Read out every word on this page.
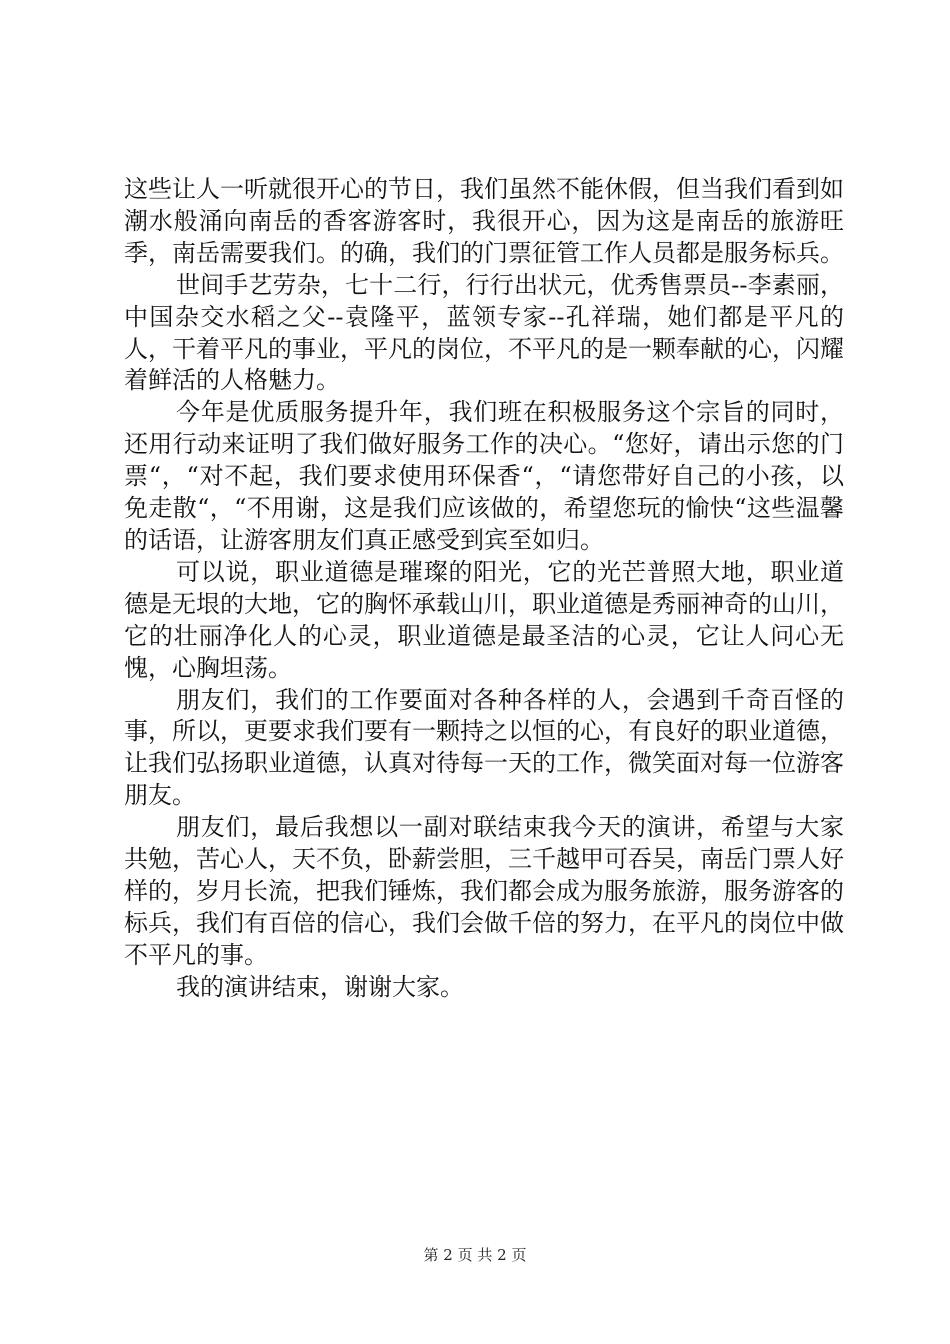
这些让人一听就很开心的节日，我们虽然不能休假，但当我们看到如潮水般涌向南岳的香客游客时，我很开心，因为这是南岳的旅游旺季，南岳需要我们。的确，我们的门票征管工作人员都是服务标兵。

世间手艺劳杂，七十二行，行行出状元，优秀售票员--李素丽，中国杂交水稻之父--袁隆平，蓝领专家--孔祥瑞，她们都是平凡的人，干着平凡的事业，平凡的岗位，不平凡的是一颗奉献的心，闪耀着鲜活的人格魅力。

今年是优质服务提升年，我们班在积极服务这个宗旨的同时，还用行动来证明了我们做好服务工作的决心。“您好，请出示您的门票“，“对不起，我们要求使用环保香“，“请您带好自己的小孩，以免走散“，“不用谢，这是我们应该做的，希望您玩的愉快“这些温馨的话语，让游客朋友们真正感受到宾至如归。

可以说，职业道德是璀璨的阳光，它的光芒普照大地，职业道德是无垠的大地，它的胸怀承载山川，职业道德是秀丽神奇的山川，它的壮丽净化人的心灵，职业道德是最圣洁的心灵，它让人问心无愧，心胸坦荡。

朋友们，我们的工作要面对各种各样的人，会遇到千奇百怪的事，所以，更要求我们要有一颗持之以恒的心，有良好的职业道德，让我们弘扬职业道德，认真对待每一天的工作，微笑面对每一位游客朋友。

朋友们，最后我想以一副对联结束我今天的演讲，希望与大家共勉，苦心人，天不负，卧薪尝胆，三千越甲可吞吴，南岳门票人好样的，岁月长流，把我们锤炼，我们都会成为服务旅游，服务游客的标兵，我们有百倍的信心，我们会做千倍的努力，在平凡的岗位中做不平凡的事。

我的演讲结束，谢谢大家。

第 2 页 共 2 页
